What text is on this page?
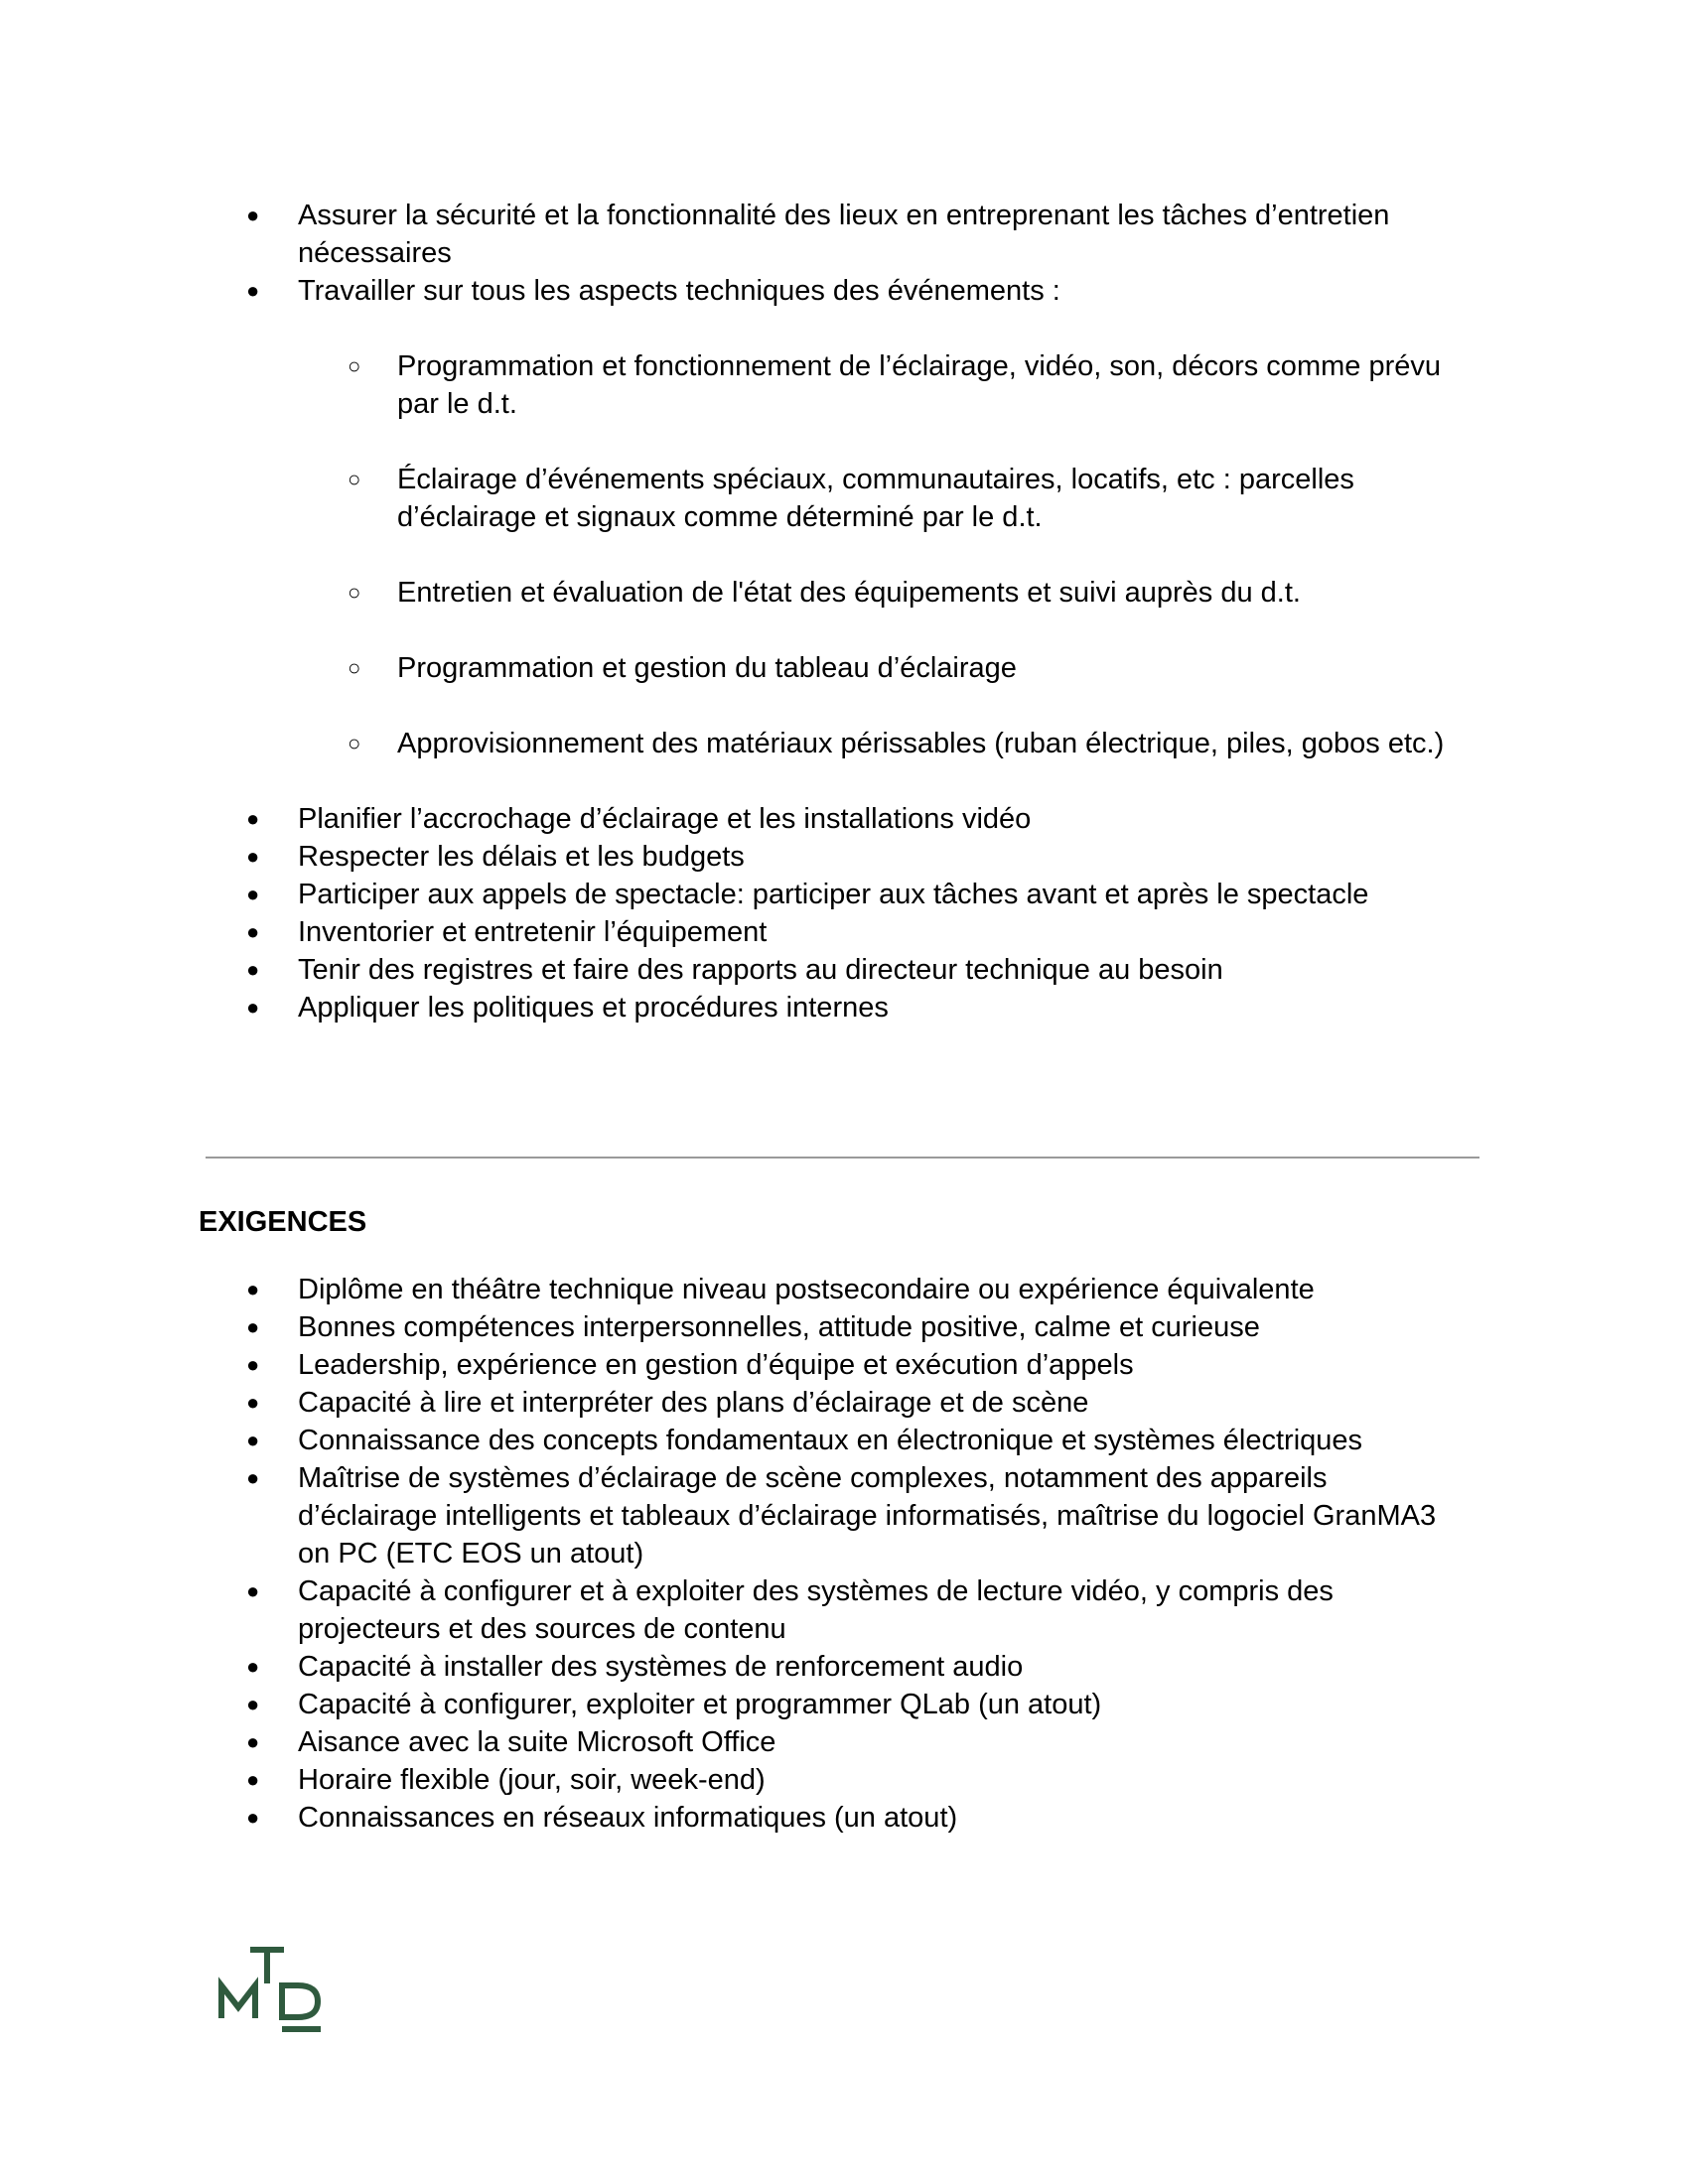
● Assurer la sécurité et la fonctionnalité des lieux en entreprenant les tâches d’entretien nécessaires
● Travailler sur tous les aspects techniques des événements :
○ Programmation et fonctionnement de l’éclairage, vidéo, son, décors comme prévu par le d.t.
○ Éclairage d’événements spéciaux, communautaires, locatifs, etc : parcelles d’éclairage et signaux comme déterminé par le d.t.
○ Entretien et évaluation de l'état des équipements et suivi auprès du d.t.
○ Programmation et gestion du tableau d’éclairage
○ Approvisionnement des matériaux périssables (ruban électrique, piles, gobos etc.)
● Planifier l’accrochage d’éclairage et les installations vidéo
● Respecter les délais et les budgets
● Participer aux appels de spectacle: participer aux tâches avant et après le spectacle
● Inventorier et entretenir l’équipement
● Tenir des registres et faire des rapports au directeur technique au besoin
● Appliquer les politiques et procédures internes
EXIGENCES
● Diplôme en théâtre technique niveau postsecondaire ou expérience équivalente
● Bonnes compétences interpersonnelles, attitude positive, calme et curieuse
● Leadership, expérience en gestion d’équipe et exécution d’appels
● Capacité à lire et interpréter des plans d’éclairage et de scène
● Connaissance des concepts fondamentaux en électronique et systèmes électriques
● Maîtrise de systèmes d’éclairage de scène complexes, notamment des appareils d’éclairage intelligents et tableaux d’éclairage informatisés, maîtrise du logociel GranMA3 on PC (ETC EOS un atout)
● Capacité à configurer et à exploiter des systèmes de lecture vidéo, y compris des projecteurs et des sources de contenu
● Capacité à installer des systèmes de renforcement audio
● Capacité à configurer, exploiter et programmer QLab (un atout)
● Aisance avec la suite Microsoft Office
● Horaire flexible (jour, soir, week-end)
● Connaissances en réseaux informatiques (un atout)
